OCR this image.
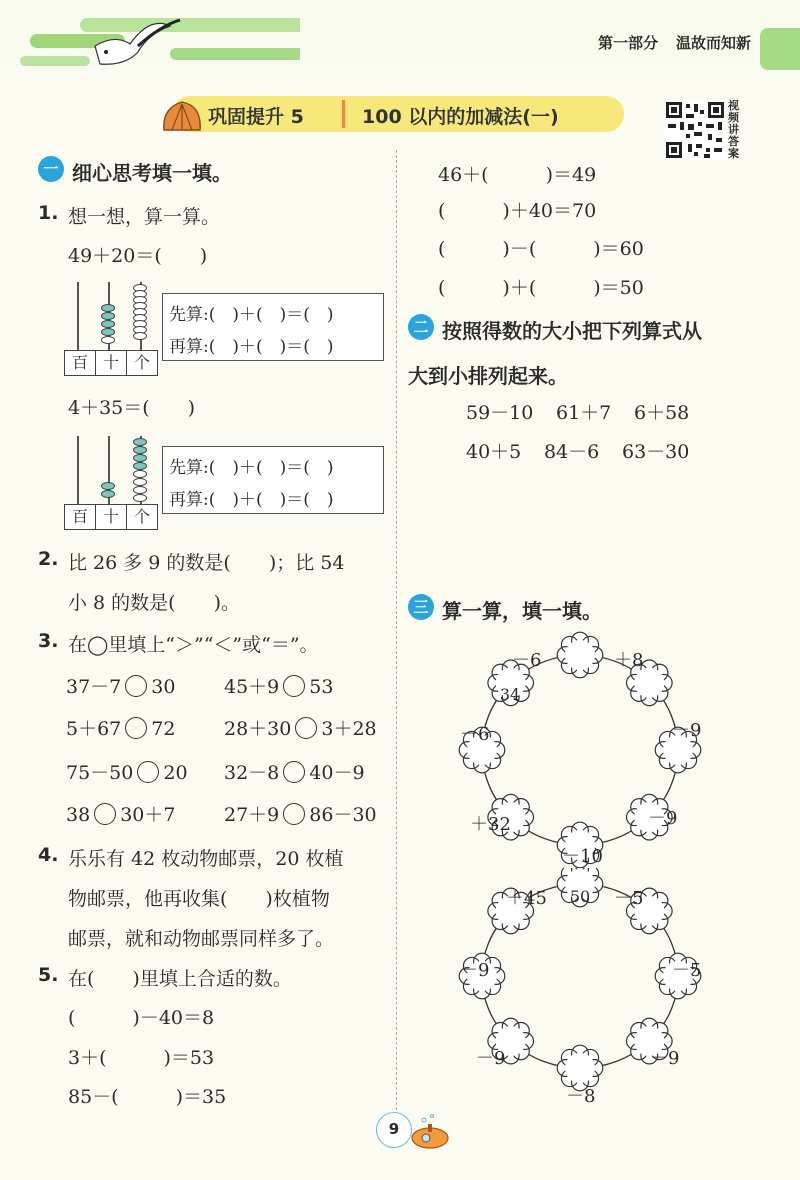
第一部分 温故而知新
巩固提升 5	100 以内的加减法(一)
视频讲答案
一 细心思考填一填。
1. 想一想，算一算。
49＋20＝(　　)
百 十 个
先算:(　)＋(　)＝(　)
再算:(　)＋(　)＝(　)
4＋35＝(　　)
百 十 个
先算:(　)＋(　)＝(　)
再算:(　)＋(　)＝(　)
2. 比 26 多 9 的数是(　　)；比 54
小 8 的数是(　　)。
3. 在◯里填上“＞”“＜”或“＝”。
37－7 30	45＋9 53
5＋67 72	28＋30 3＋28
75－50 20 32－8 40－9
38 30＋7	27＋9 86－30
4. 乐乐有 42 枚动物邮票，20 枚植
物邮票，他再收集(　　)枚植物
邮票，就和动物邮票同样多了。
5. 在(　　)里填上合适的数。
(　　　)－40＝8
3＋(　　　)＝53
85－(　　　)＝35
46＋(　　　)＝49
(　　　)＋40＝70
(　　　)－(　　　)＝60
(　　　)＋(　　　)＝50
二 按照得数的大小把下列算式从
大到小排列起来。
59－10 61＋7 6＋58
40＋5 84－6 63－30
三 算一算，填一填。
34
－6	＋8
－9
－9
－10
＋32
－6
50
＋45	－5
－5
－9
－8
－9
－9
9
